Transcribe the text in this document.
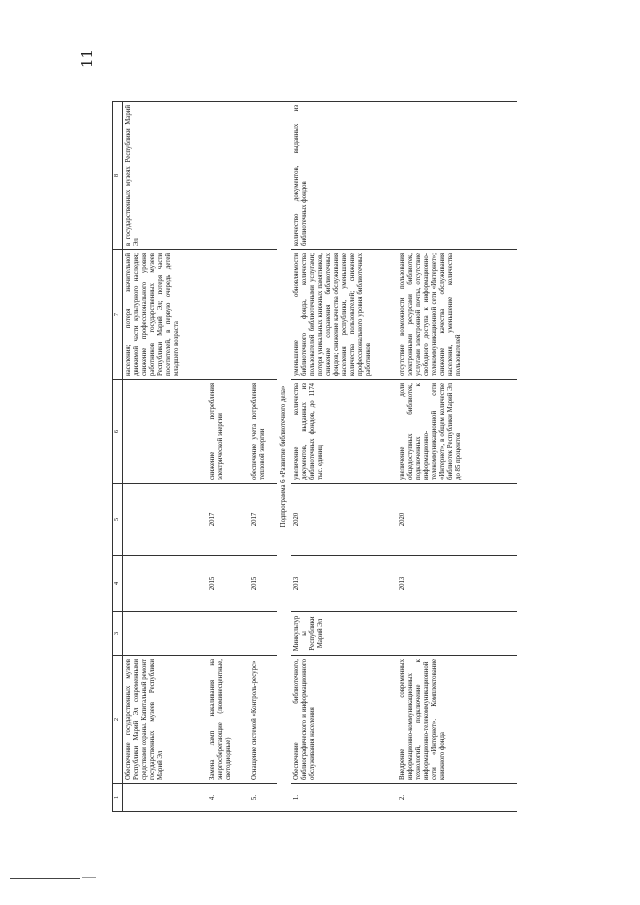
11
1	2	3	4	5	6	7	8
	Обеспечение государственных музеев Республики Марий Эл современными средствами охраны. Капитальный ремонт государственных музеев Республики Марий Эл					населения; потеря значительной движимой части культурного наследия; снижение профессионального уровня работников государственных музеев Республики Марий Эл; потеря части посетителей, в первую очередь детей младшего возраста	в государственных музеях Республики Марий Эл
4.	Замена ламп накаливания на энергосберегающие (люминесцентные, светодиодные)		2015	2017	снижение потребления электрической энергии		
5.	Оснащение системой «Контроль-ресурс»		2015	2017	обеспечение учета потребления тепловой энергии		
Подпрограмма 6 «Развитие библиотечного дела»							
1.	Обеспечение библиотечного, библиографического и информационного обслуживания населения	Минкультуры Республики Марий Эл	2013	2020	увеличение количества документов, выданных из библиотечных фондов, до 1174 тыс. единиц	уменьшение обновляемости библиотечного фонда, количества пользователей библиотечными услугами; потеря уникальных книжных памятников, снижение сохранения библиотечных фондов; снижение качества обслуживания населения республики, уменьшение количества пользователей; снижение профессионального уровня библиотечных работников	количество документов, выданных из библиотечных фондов
2.	Внедрение современных информационно-коммуникационных технологий, подключение к информационно-телекоммуникационной сети «Интернет». Комплектование книжного фонда		2013	2020	увеличение доли общедоступных библиотек, подключенных к информационно-телекоммуникационной сети «Интернет», в общем количестве библиотек Республики Марий Эл до 85 процентов	отсутствие возможности пользования электронными ресурсами библиотек, услугами электронной почты, отсутствие свободного доступа к информационно-телекоммуникационной сети «Интернет»; снижение качества обслуживания населения, уменьшение количества пользователей	
